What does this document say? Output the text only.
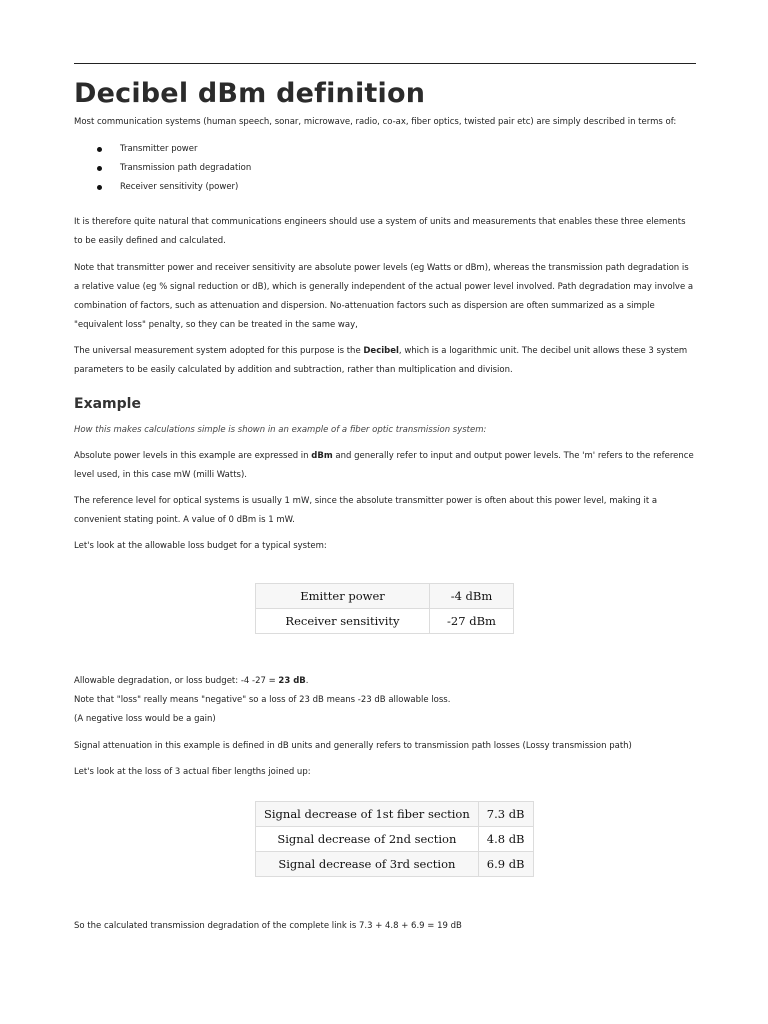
Decibel dBm definition

Most communication systems (human speech, sonar, microwave, radio, co-ax, fiber optics, twisted pair etc) are simply described in terms of:

Transmitter power
Transmission path degradation
Receiver sensitivity (power)

It is therefore quite natural that communications engineers should use a system of units and measurements that enables these three elements to be easily defined and calculated.

Note that transmitter power and receiver sensitivity are absolute power levels (eg Watts or dBm), whereas the transmission path degradation is a relative value (eg % signal reduction or dB), which is generally independent of the actual power level involved. Path degradation may involve a combination of factors, such as attenuation and dispersion. No-attenuation factors such as dispersion are often summarized as a simple "equivalent loss" penalty, so they can be treated in the same way,

The universal measurement system adopted for this purpose is the Decibel, which is a logarithmic unit. The decibel unit allows these 3 system parameters to be easily calculated by addition and subtraction, rather than multiplication and division.

Example

How this makes calculations simple is shown in an example of a fiber optic transmission system:

Absolute power levels in this example are expressed in dBm and generally refer to input and output power levels. The 'm' refers to the reference level used, in this case mW (milli Watts).

The reference level for optical systems is usually 1 mW, since the absolute transmitter power is often about this power level, making it a convenient stating point. A value of 0 dBm is 1 mW.

Let's look at the allowable loss budget for a typical system:

Emitter power	-4 dBm
Receiver sensitivity	-27 dBm

Allowable degradation, or loss budget: -4 -27 = 23 dB.

Note that "loss" really means "negative" so a loss of 23 dB means -23 dB allowable loss.

(A negative loss would be a gain)

Signal attenuation in this example is defined in dB units and generally refers to transmission path losses (Lossy transmission path)

Let's look at the loss of 3 actual fiber lengths joined up:

Signal decrease of 1st fiber section	7.3 dB
Signal decrease of 2nd section	4.8 dB
Signal decrease of 3rd section	6.9 dB

So the calculated transmission degradation of the complete link is 7.3 + 4.8 + 6.9 = 19 dB
